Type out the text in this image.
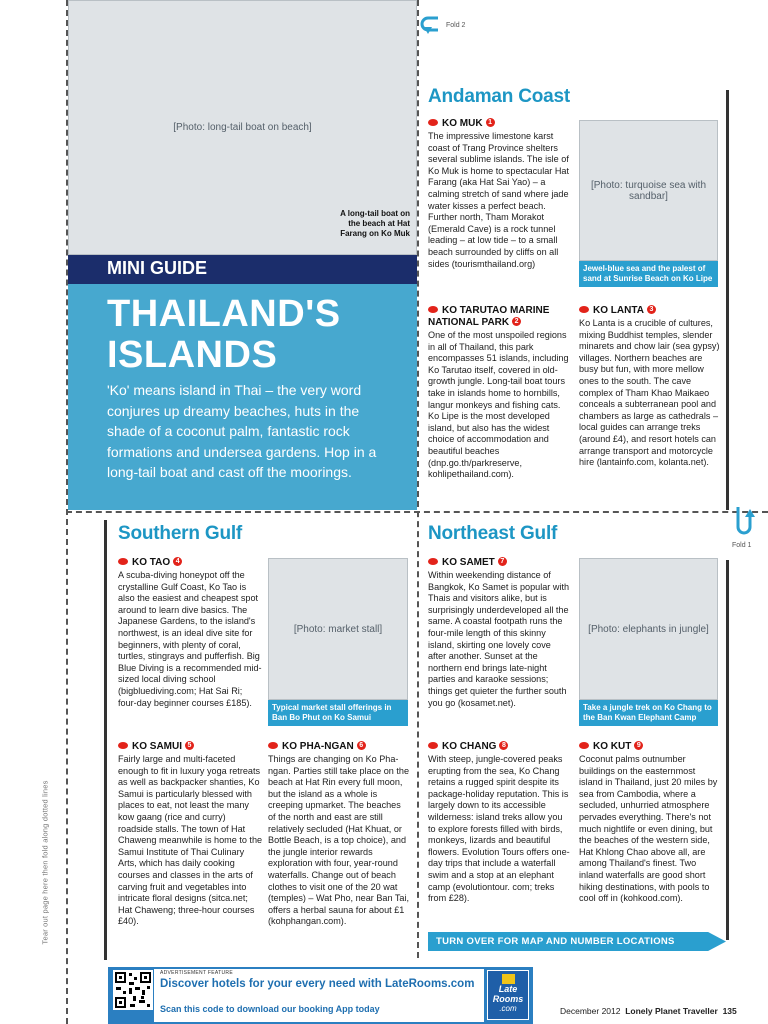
Fold 2
Fold 1
Tear out page here then fold along dotted lines
[Photo: long-tail boat on beach]
A long-tail boat on the beach at Hat Farang on Ko Muk
MINI GUIDE
THAILAND'S
ISLANDS
'Ko' means island in Thai – the very word conjures up dreamy beaches, huts in the shade of a coconut palm, fantastic rock formations and undersea gardens. Hop in a long-tail boat and cast off the moorings.
Andaman Coast
KO MUK 1
The impressive limestone karst coast of Trang Province shelters several sublime islands. The isle of Ko Muk is home to spectacular Hat Farang (aka Hat Sai Yao) – a calming stretch of sand where jade water kisses a perfect beach. Further north, Tham Morakot (Emerald Cave) is a rock tunnel leading – at low tide – to a small beach surrounded by cliffs on all sides (tourismthailand.org)
[Photo: turquoise sea with sandbar]
Jewel-blue sea and the palest of sand at Sunrise Beach on Ko Lipe
KO TARUTAO MARINE
NATIONAL PARK 2
One of the most unspoiled regions in all of Thailand, this park encompasses 51 islands, including Ko Tarutao itself, covered in old-growth jungle. Long-tail boat tours take in islands home to hornbills, langur monkeys and fishing cats. Ko Lipe is the most developed island, but also has the widest choice of accommodation and beautiful beaches (dnp.go.th/parkreserve, kohlipethailand.com).
KO LANTA 3
Ko Lanta is a crucible of cultures, mixing Buddhist temples, slender minarets and chow lair (sea gypsy) villages. Northern beaches are busy but fun, with more mellow ones to the south. The cave complex of Tham Khao Maikaeo conceals a subterranean pool and chambers as large as cathedrals – local guides can arrange treks (around £4), and resort hotels can arrange transport and motorcycle hire (lantainfo.com, kolanta.net).
Southern Gulf
KO TAO 4
A scuba-diving honeypot off the crystalline Gulf Coast, Ko Tao is also the easiest and cheapest spot around to learn dive basics. The Japanese Gardens, to the island's northwest, is an ideal dive site for beginners, with plenty of coral, turtles, stingrays and pufferfish. Big Blue Diving is a recommended mid-sized local diving school (bigbluediving.com; Hat Sai Ri; four-day beginner courses £185).
[Photo: market stall]
Typical market stall offerings in Ban Bo Phut on Ko Samui
KO SAMUI 5
Fairly large and multi-faceted enough to fit in luxury yoga retreats as well as backpacker shanties, Ko Samui is particularly blessed with places to eat, not least the many kow gaang (rice and curry) roadside stalls. The town of Hat Chaweng meanwhile is home to the Samui Institute of Thai Culinary Arts, which has daily cooking courses and classes in the arts of carving fruit and vegetables into intricate floral designs (sitca.net; Hat Chaweng; three-hour courses £40).
KO PHA-NGAN 6
Things are changing on Ko Pha-ngan. Parties still take place on the beach at Hat Rin every full moon, but the island as a whole is creeping upmarket. The beaches of the north and east are still relatively secluded (Hat Khuat, or Bottle Beach, is a top choice), and the jungle interior rewards exploration with four, year-round waterfalls. Change out of beach clothes to visit one of the 20 wat (temples) – Wat Pho, near Ban Tai, offers a herbal sauna for about £1 (kohphangan.com).
Northeast Gulf
KO SAMET 7
Within weekending distance of Bangkok, Ko Samet is popular with Thais and visitors alike, but is surprisingly underdeveloped all the same. A coastal footpath runs the four-mile length of this skinny island, skirting one lovely cove after another. Sunset at the northern end brings late-night parties and karaoke sessions; things get quieter the further south you go (kosamet.net).
[Photo: elephants in jungle]
Take a jungle trek on Ko Chang to the Ban Kwan Elephant Camp
KO CHANG 8
With steep, jungle-covered peaks erupting from the sea, Ko Chang retains a rugged spirit despite its package-holiday reputation. This is largely down to its accessible wilderness: island treks allow you to explore forests filled with birds, monkeys, lizards and beautiful flowers. Evolution Tours offers one-day trips that include a waterfall swim and a stop at an elephant camp (evolutiontour. com; treks from £28).
KO KUT 9
Coconut palms outnumber buildings on the easternmost island in Thailand, just 20 miles by sea from Cambodia, where a secluded, unhurried atmosphere pervades everything. There's not much nightlife or even dining, but the beaches of the western side, Hat Khlong Chao above all, are among Thailand's finest. Two inland waterfalls are good short hiking destinations, with pools to cool off in (kohkood.com).
TURN OVER FOR MAP AND NUMBER LOCATIONS
ADVERTISEMENT FEATURE
Discover hotels for your every need with LateRooms.com
Scan this code to download our booking App today
Late
Rooms
.com	December 2012 Lonely Planet Traveller 135
